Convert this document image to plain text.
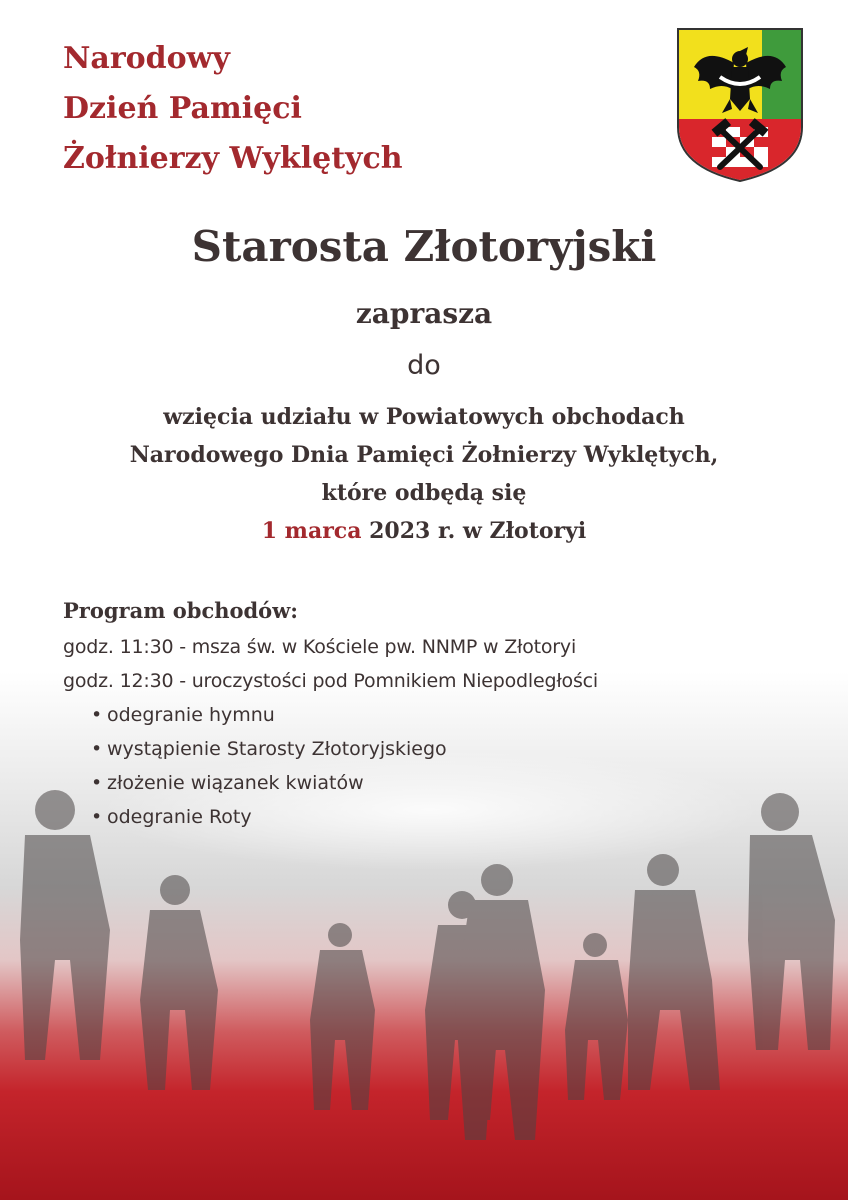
Narodowy
Dzień Pamięci
Żołnierzy Wyklętych
Starosta Złotoryjski
zaprasza
do
wzięcia udziału w Powiatowych obchodach
Narodowego Dnia Pamięci Żołnierzy Wyklętych,
które odbędą się
1 marca 2023 r. w Złotoryi
Program obchodów:
godz. 11:30 - msza św. w Kościele pw. NNMP w Złotoryi
godz. 12:30 - uroczystości pod Pomnikiem Niepodległości
• odegranie hymnu
• wystąpienie Starosty Złotoryjskiego
• złożenie wiązanek kwiatów
• odegranie Roty
